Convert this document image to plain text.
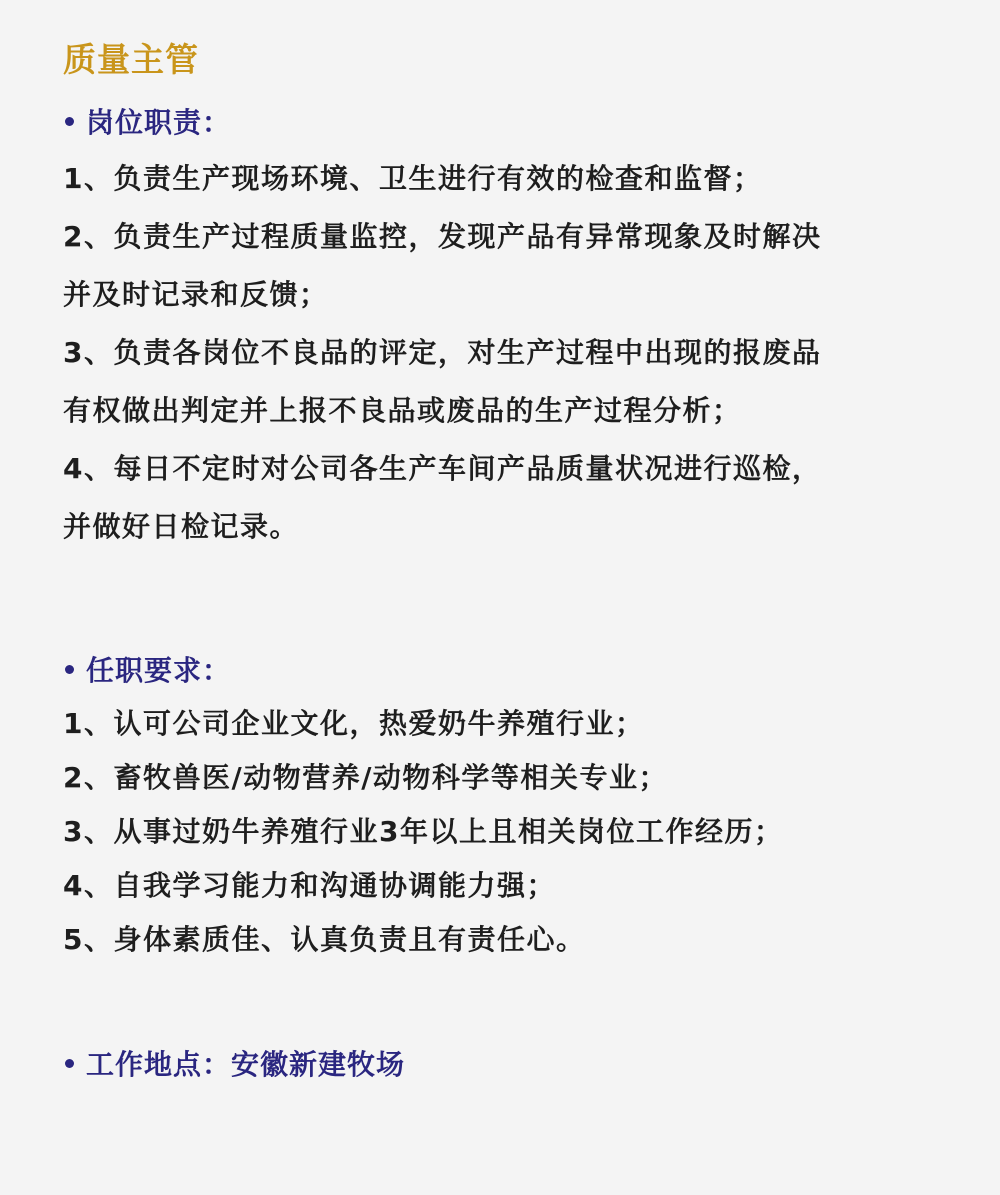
质量主管
岗位职责：
1、负责生产现场环境、卫生进行有效的检查和监督；
2、负责生产过程质量监控，发现产品有异常现象及时解决
并及时记录和反馈；
3、负责各岗位不良品的评定，对生产过程中出现的报废品
有权做出判定并上报不良品或废品的生产过程分析；
4、每日不定时对公司各生产车间产品质量状况进行巡检，
并做好日检记录。
任职要求：
1、认可公司企业文化，热爱奶牛养殖行业；
2、畜牧兽医/动物营养/动物科学等相关专业；
3、从事过奶牛养殖行业3年以上且相关岗位工作经历；
4、自我学习能力和沟通协调能力强；
5、身体素质佳、认真负责且有责任心。
工作地点： 安徽新建牧场
